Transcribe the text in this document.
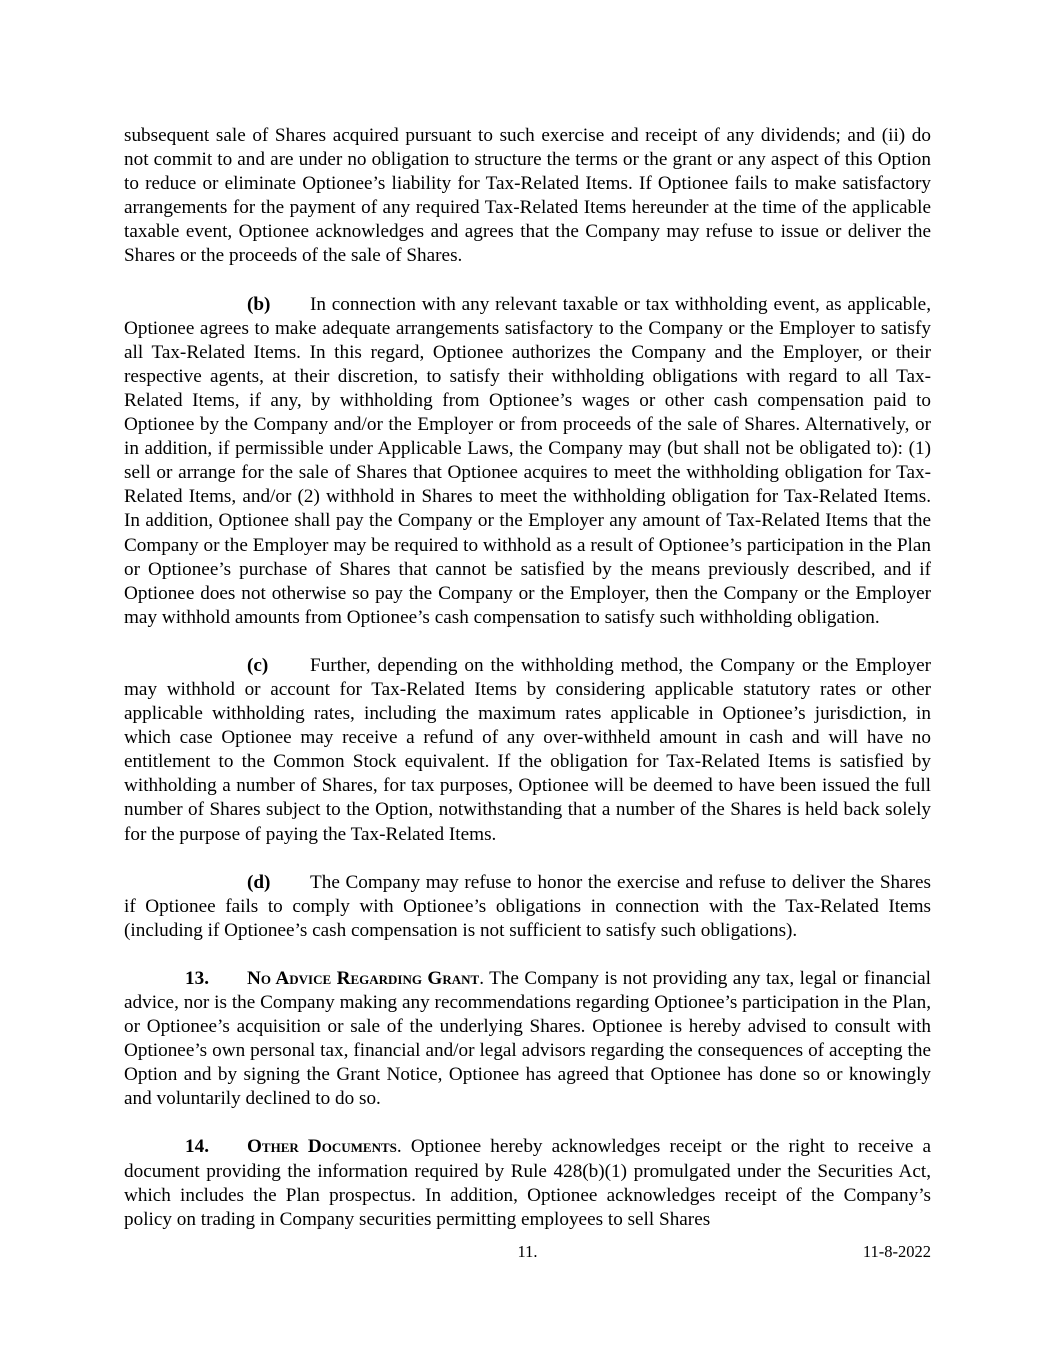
subsequent sale of Shares acquired pursuant to such exercise and receipt of any dividends; and (ii) do not commit to and are under no obligation to structure the terms or the grant or any aspect of this Option to reduce or eliminate Optionee’s liability for Tax-Related Items. If Optionee fails to make satisfactory arrangements for the payment of any required Tax-Related Items hereunder at the time of the applicable taxable event, Optionee acknowledges and agrees that the Company may refuse to issue or deliver the Shares or the proceeds of the sale of Shares.

(b) In connection with any relevant taxable or tax withholding event, as applicable, Optionee agrees to make adequate arrangements satisfactory to the Company or the Employer to satisfy all Tax-Related Items. In this regard, Optionee authorizes the Company and the Employer, or their respective agents, at their discretion, to satisfy their withholding obligations with regard to all Tax-Related Items, if any, by withholding from Optionee’s wages or other cash compensation paid to Optionee by the Company and/or the Employer or from proceeds of the sale of Shares. Alternatively, or in addition, if permissible under Applicable Laws, the Company may (but shall not be obligated to): (1) sell or arrange for the sale of Shares that Optionee acquires to meet the withholding obligation for Tax-Related Items, and/or (2) withhold in Shares to meet the withholding obligation for Tax-Related Items. In addition, Optionee shall pay the Company or the Employer any amount of Tax-Related Items that the Company or the Employer may be required to withhold as a result of Optionee’s participation in the Plan or Optionee’s purchase of Shares that cannot be satisfied by the means previously described, and if Optionee does not otherwise so pay the Company or the Employer, then the Company or the Employer may withhold amounts from Optionee’s cash compensation to satisfy such withholding obligation.

(c) Further, depending on the withholding method, the Company or the Employer may withhold or account for Tax-Related Items by considering applicable statutory rates or other applicable withholding rates, including the maximum rates applicable in Optionee’s jurisdiction, in which case Optionee may receive a refund of any over-withheld amount in cash and will have no entitlement to the Common Stock equivalent. If the obligation for Tax-Related Items is satisfied by withholding a number of Shares, for tax purposes, Optionee will be deemed to have been issued the full number of Shares subject to the Option, notwithstanding that a number of the Shares is held back solely for the purpose of paying the Tax-Related Items.

(d) The Company may refuse to honor the exercise and refuse to deliver the Shares if Optionee fails to comply with Optionee’s obligations in connection with the Tax-Related Items (including if Optionee’s cash compensation is not sufficient to satisfy such obligations).

13. No Advice Regarding Grant. The Company is not providing any tax, legal or financial advice, nor is the Company making any recommendations regarding Optionee’s participation in the Plan, or Optionee’s acquisition or sale of the underlying Shares. Optionee is hereby advised to consult with Optionee’s own personal tax, financial and/or legal advisors regarding the consequences of accepting the Option and by signing the Grant Notice, Optionee has agreed that Optionee has done so or knowingly and voluntarily declined to do so.

14. Other Documents. Optionee hereby acknowledges receipt or the right to receive a document providing the information required by Rule 428(b)(1) promulgated under the Securities Act, which includes the Plan prospectus. In addition, Optionee acknowledges receipt of the Company’s policy on trading in Company securities permitting employees to sell Shares

11.	11-8-2022
